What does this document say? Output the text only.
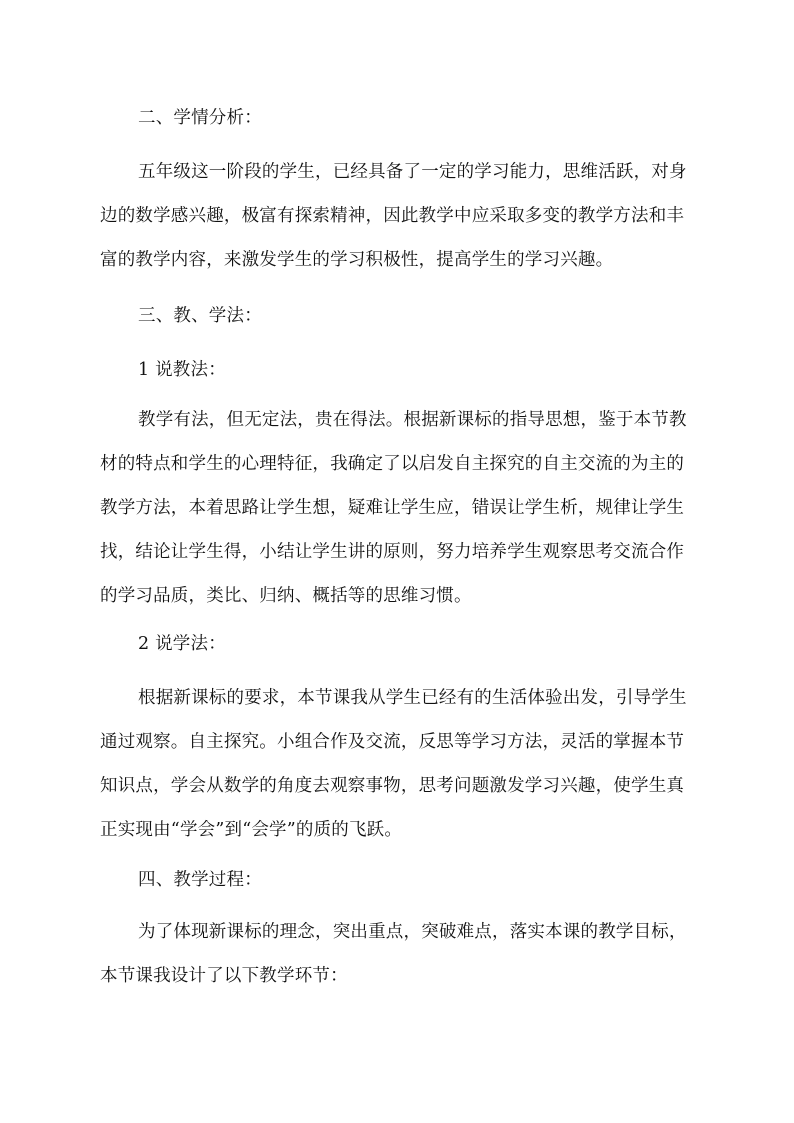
二、学情分析：
五年级这一阶段的学生，已经具备了一定的学习能力，思维活跃，对身
边的数学感兴趣，极富有探索精神，因此教学中应采取多变的教学方法和丰
富的教学内容，来激发学生的学习积极性，提高学生的学习兴趣。
三、教、学法：
1 说教法：
教学有法，但无定法，贵在得法。根据新课标的指导思想，鉴于本节教
材的特点和学生的心理特征，我确定了以启发自主探究的自主交流的为主的
教学方法，本着思路让学生想，疑难让学生应，错误让学生析，规律让学生
找，结论让学生得，小结让学生讲的原则，努力培养学生观察思考交流合作
的学习品质，类比、归纳、概括等的思维习惯。
2 说学法：
根据新课标的要求，本节课我从学生已经有的生活体验出发，引导学生
通过观察。自主探究。小组合作及交流，反思等学习方法，灵活的掌握本节
知识点，学会从数学的角度去观察事物，思考问题激发学习兴趣，使学生真
正实现由“学会”到“会学”的质的飞跃。
四、教学过程：
为了体现新课标的理念，突出重点，突破难点，落实本课的教学目标，
本节课我设计了以下教学环节：
